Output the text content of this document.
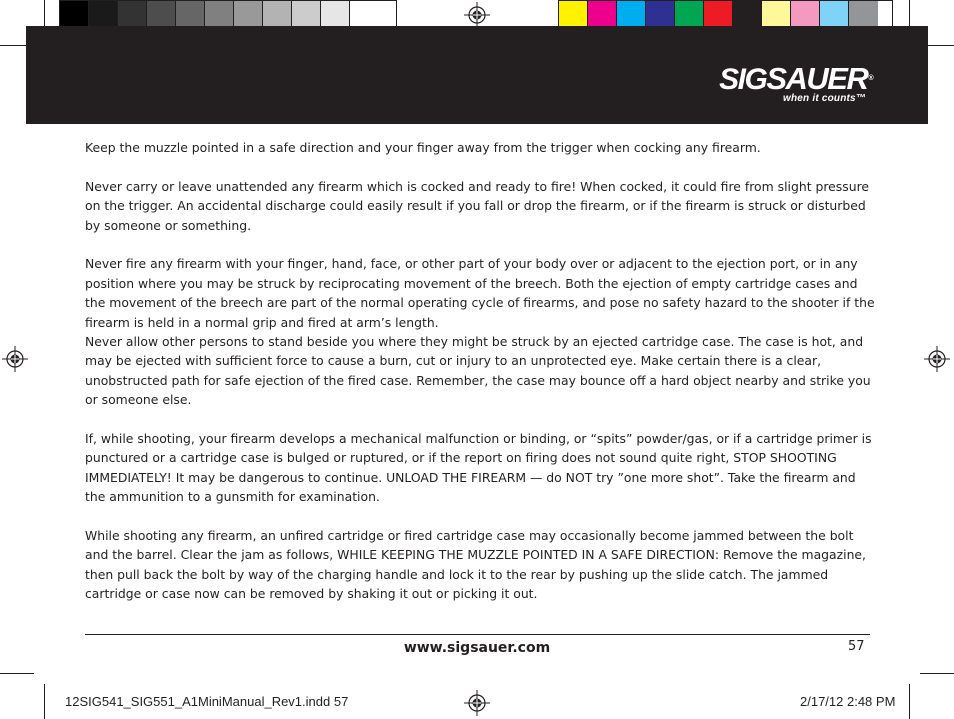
SIGSAUER®
when it counts™

Keep the muzzle pointed in a safe direction and your finger away from the trigger when cocking any firearm.

Never carry or leave unattended any firearm which is cocked and ready to fire! When cocked, it could fire from slight pressure on the trigger. An accidental discharge could easily result if you fall or drop the firearm, or if the firearm is struck or disturbed by someone or something.

Never fire any firearm with your finger, hand, face, or other part of your body over or adjacent to the ejection port, or in any position where you may be struck by reciprocating movement of the breech. Both the ejection of empty cartridge cases and the movement of the breech are part of the normal operating cycle of firearms, and pose no safety hazard to the shooter if the firearm is held in a normal grip and fired at arm’s length.

Never allow other persons to stand beside you where they might be struck by an ejected cartridge case. The case is hot, and may be ejected with sufficient force to cause a burn, cut or injury to an unprotected eye. Make certain there is a clear, unobstructed path for safe ejection of the fired case. Remember, the case may bounce off a hard object nearby and strike you or someone else.

If, while shooting, your firearm develops a mechanical malfunction or binding, or “spits” powder/gas, or if a cartridge primer is punctured or a cartridge case is bulged or ruptured, or if the report on firing does not sound quite right, STOP SHOOTING IMMEDIATELY! It may be dangerous to continue. UNLOAD THE FIREARM — do NOT try ”one more shot”. Take the firearm and the ammunition to a gunsmith for examination.

While shooting any firearm, an unfired cartridge or fired cartridge case may occasionally become jammed between the bolt and the barrel. Clear the jam as follows, WHILE KEEPING THE MUZZLE POINTED IN A SAFE DIRECTION: Remove the magazine, then pull back the bolt by way of the charging handle and lock it to the rear by pushing up the slide catch. The jammed cartridge or case now can be removed by shaking it out or picking it out.

www.sigsauer.com	57
12SIG541_SIG551_A1MiniManual_Rev1.indd 57	2/17/12 2:48 PM
